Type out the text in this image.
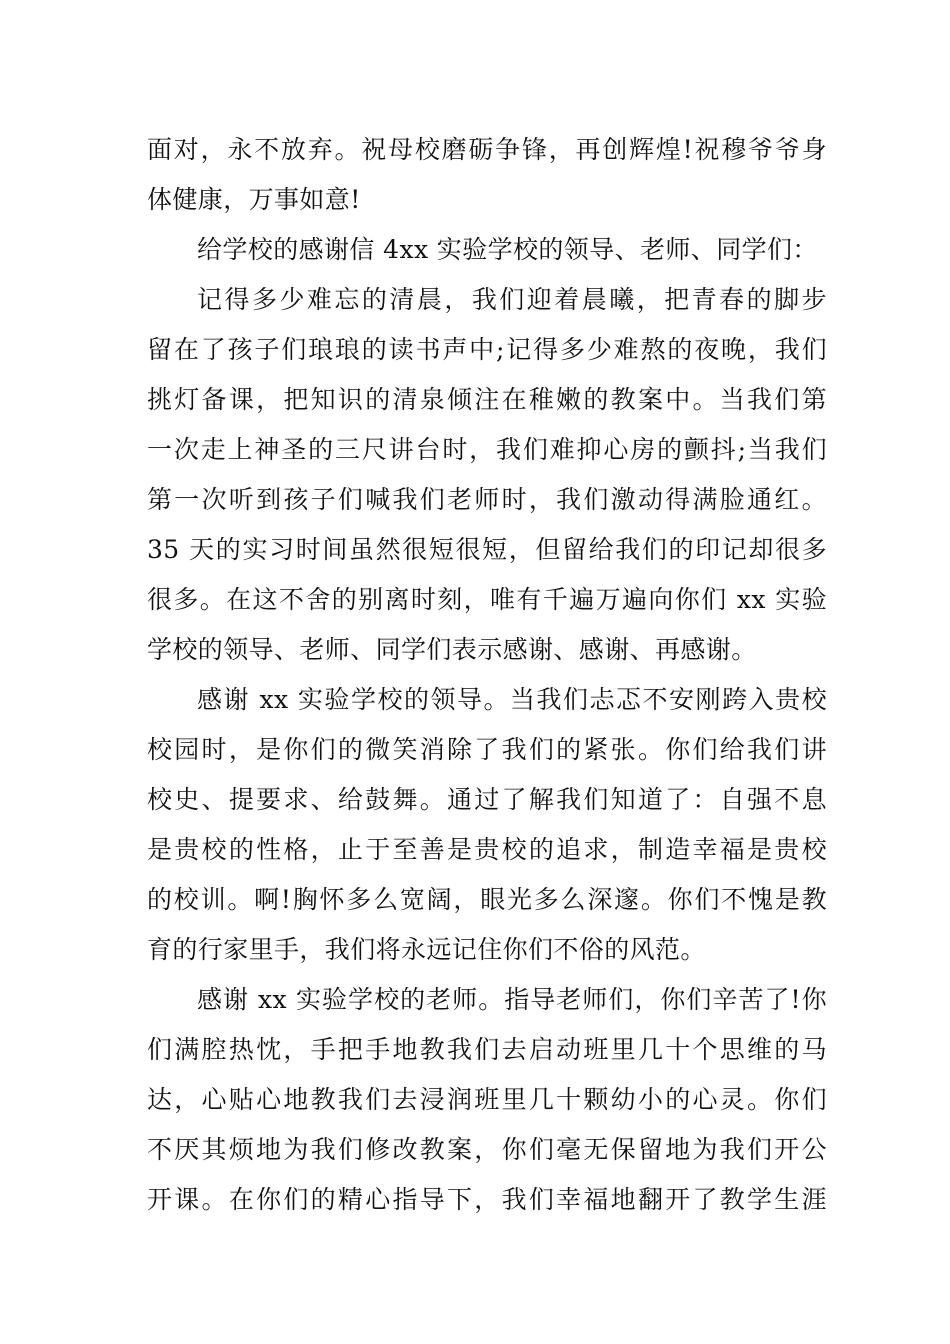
面对，永不放弃。祝母校磨砺争锋，再创辉煌!祝穆爷爷身
体健康，万事如意!
给学校的感谢信 4xx 实验学校的领导、老师、同学们：
记得多少难忘的清晨，我们迎着晨曦，把青春的脚步
留在了孩子们琅琅的读书声中;记得多少难熬的夜晚，我们
挑灯备课，把知识的清泉倾注在稚嫩的教案中。当我们第
一次走上神圣的三尺讲台时，我们难抑心房的颤抖;当我们
第一次听到孩子们喊我们老师时，我们激动得满脸通红。
35 天的实习时间虽然很短很短，但留给我们的印记却很多
很多。在这不舍的别离时刻，唯有千遍万遍向你们 xx 实验
学校的领导、老师、同学们表示感谢、感谢、再感谢。
感谢 xx 实验学校的领导。当我们忐忑不安刚跨入贵校
校园时，是你们的微笑消除了我们的紧张。你们给我们讲
校史、提要求、给鼓舞。通过了解我们知道了：自强不息
是贵校的性格，止于至善是贵校的追求，制造幸福是贵校
的校训。啊!胸怀多么宽阔，眼光多么深邃。你们不愧是教
育的行家里手，我们将永远记住你们不俗的风范。
感谢 xx 实验学校的老师。指导老师们，你们辛苦了!你
们满腔热忱，手把手地教我们去启动班里几十个思维的马
达，心贴心地教我们去浸润班里几十颗幼小的心灵。你们
不厌其烦地为我们修改教案，你们毫无保留地为我们开公
开课。在你们的精心指导下，我们幸福地翻开了教学生涯
